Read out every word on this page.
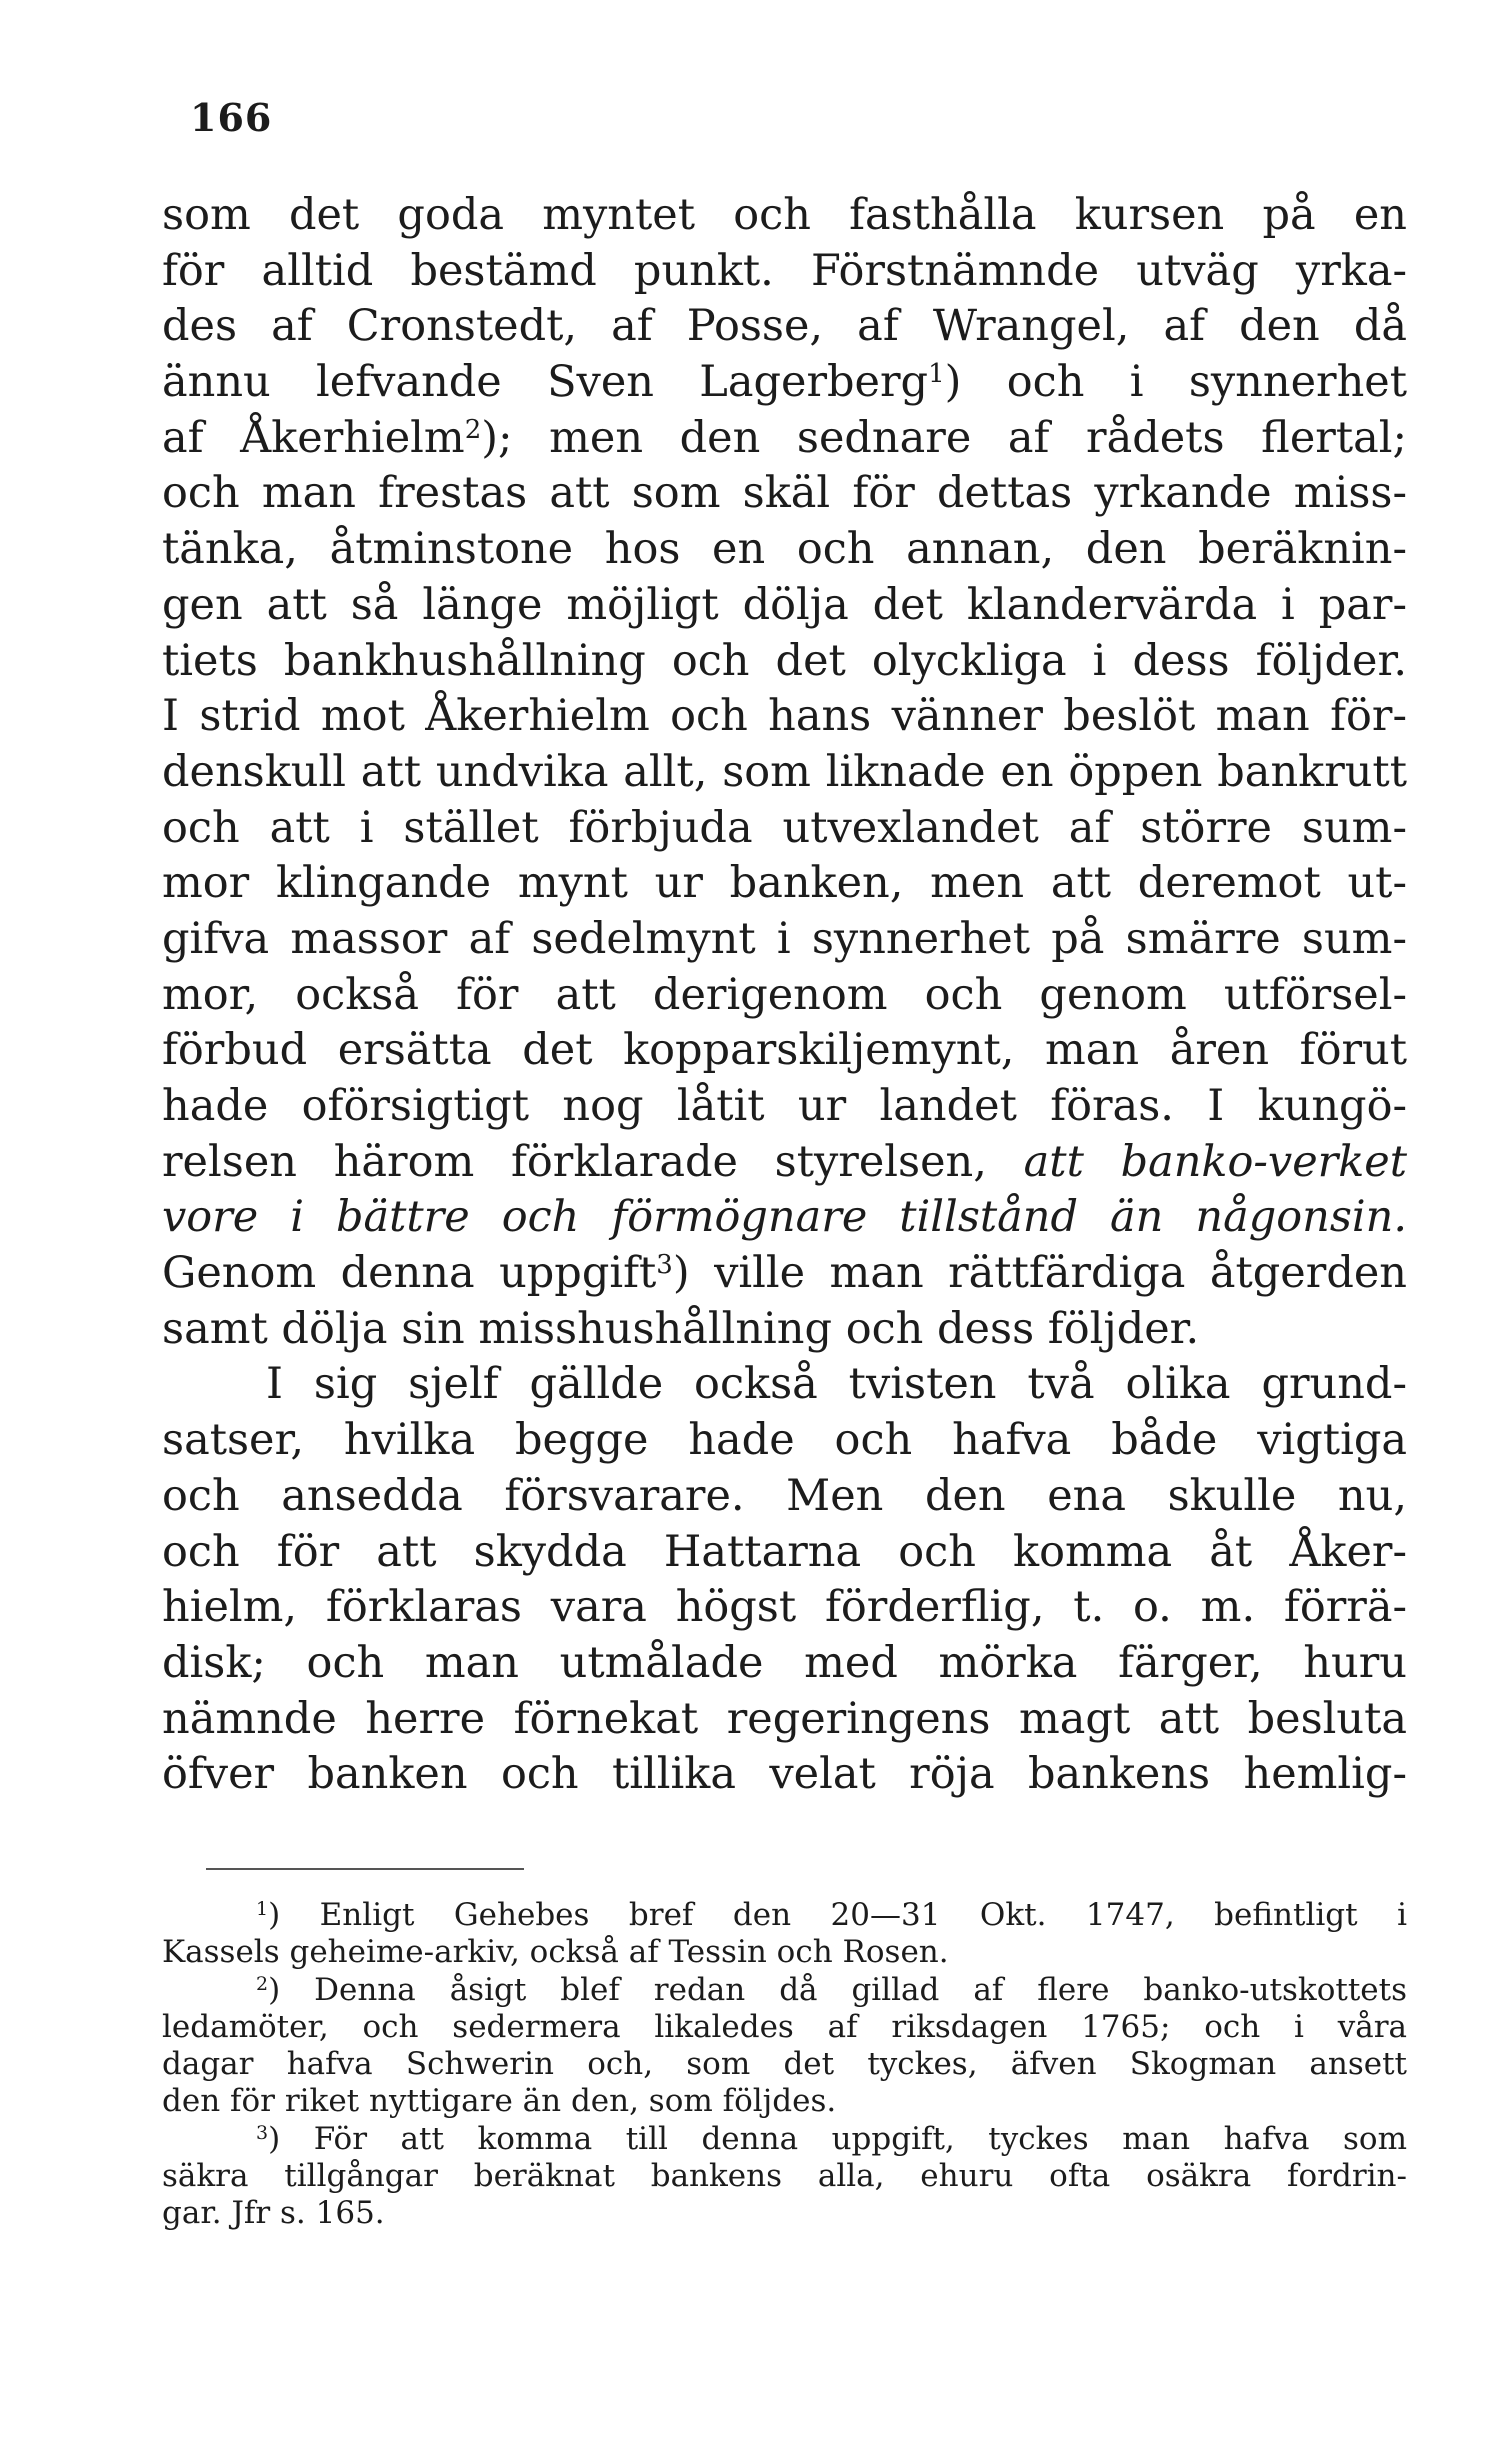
166
som det goda myntet och fasthålla kursen på en
för alltid bestämd punkt. Förstnämnde utväg yrka-
des af Cronstedt, af Posse, af Wrangel, af den då
ännu lefvande Sven Lagerberg$^1$) och i synnerhet
af Åkerhielm$^2$); men den sednare af rådets flertal;
och man frestas att som skäl för dettas yrkande miss-
tänka, åtminstone hos en och annan, den beräknin-
gen att så länge möjligt dölja det klandervärda i par-
tiets bankhushållning och det olyckliga i dess följder.
I strid mot Åkerhielm och hans vänner beslöt man för-
denskull att undvika allt, som liknade en öppen bankrutt
och att i stället förbjuda utvexlandet af större sum-
mor klingande mynt ur banken, men att deremot ut-
gifva massor af sedelmynt i synnerhet på smärre sum-
mor, också för att derigenom och genom utförsel-
förbud ersätta det kopparskiljemynt, man åren förut
hade oförsigtigt nog låtit ur landet föras. I kungö-
relsen härom förklarade styrelsen, att banko-verket
vore i bättre och förmögnare tillstånd än någonsin.
Genom denna uppgift$^3$) ville man rättfärdiga åtgerden
samt dölja sin misshushållning och dess följder.
I sig sjelf gällde också tvisten två olika grund-
satser, hvilka begge hade och hafva både vigtiga
och ansedda försvarare. Men den ena skulle nu,
och för att skydda Hattarna och komma åt Åker-
hielm, förklaras vara högst förderflig, t. o. m. förrä-
disk; och man utmålade med mörka färger, huru
nämnde herre förnekat regeringens magt att besluta
öfver banken och tillika velat röja bankens hemlig-
$^1$) Enligt Gehebes bref den 20—31 Okt. 1747, befintligt i
Kassels geheime-arkiv, också af Tessin och Rosen.
$^2$) Denna åsigt blef redan då gillad af flere banko-utskottets
ledamöter, och sedermera likaledes af riksdagen 1765; och i våra
dagar hafva Schwerin och, som det tyckes, äfven Skogman ansett
den för riket nyttigare än den, som följdes.
$^3$) För att komma till denna uppgift, tyckes man hafva som
säkra tillgångar beräknat bankens alla, ehuru ofta osäkra fordrin-
gar. Jfr s. 165.
